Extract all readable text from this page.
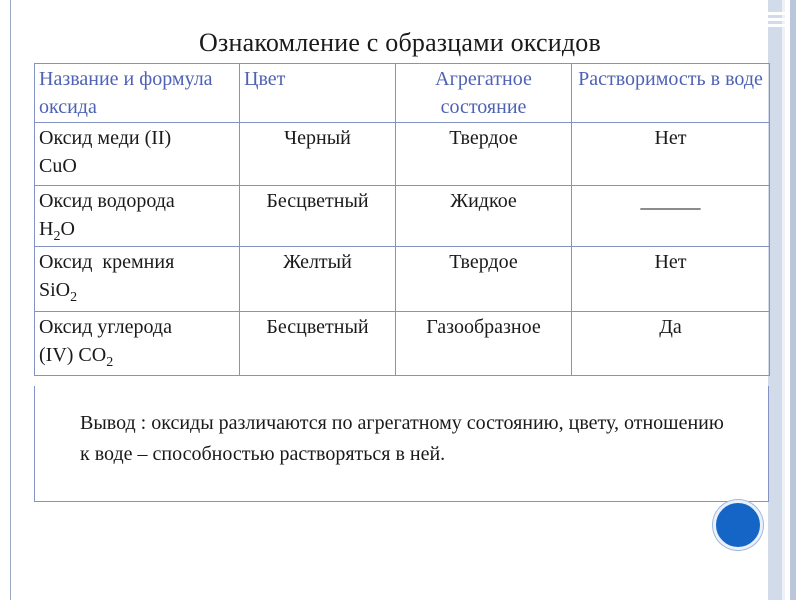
Ознакомление с образцами оксидов
Название и формула оксида	Цвет	Агрегатное состояние	Растворимость в воде
Оксид меди (II)
CuO	Черный	Твердое	Нет
Оксид водорода
$H_2O$	Бесцветный	Жидкое	______
Оксид  кремния
SiO$_2$	Желтый	Твердое	Нет
Оксид углерода
(IV) $CO_2$	Бесцветный	Газообразное	Да
Вывод : оксиды различаются по агрегатному состоянию, цвету, отношению к воде – способностью растворяться в ней.
